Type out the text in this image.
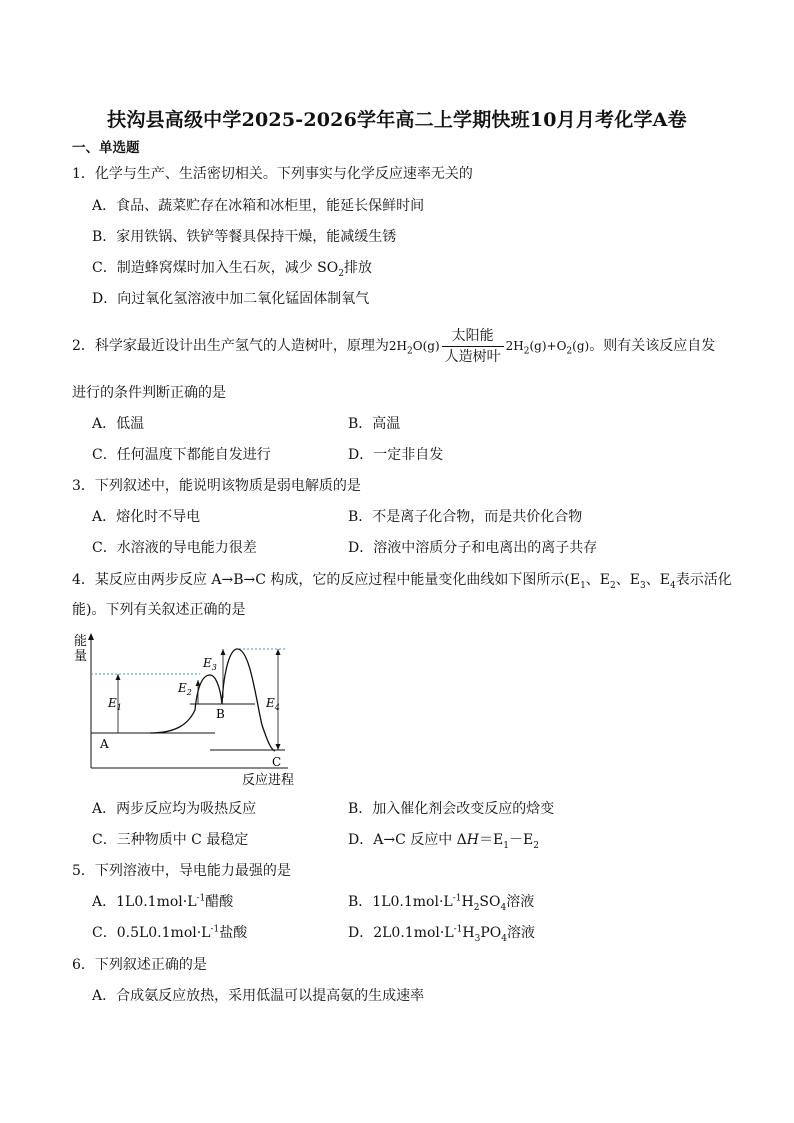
扶沟县高级中学2025-2026学年高二上学期快班10月月考化学A卷
一、单选题
1．化学与生产、生活密切相关。下列事实与化学反应速率无关的
A．食品、蔬菜贮存在冰箱和冰柜里，能延长保鲜时间
B．家用铁锅、铁铲等餐具保持干燥，能减缓生锈
C．制造蜂窝煤时加入生石灰，减少 $SO_2$排放
D．向过氧化氢溶液中加二氧化锰固体制氧气
2．科学家最近设计出生产氢气的人造树叶，原理为$2H_2O(g) \frac{\text{太阳能}}{\text{人造树叶}} 2H_2(g)+O_2(g)$。则有关该反应自发
进行的条件判断正确的是
A．低温	B．高温
C．任何温度下都能自发进行	D．一定非自发
3．下列叙述中，能说明该物质是弱电解质的是
A．熔化时不导电	B．不是离子化合物，而是共价化合物
C．水溶液的导电能力很差	D．溶液中溶质分子和电离出的离子共存
4．某反应由两步反应 A→B→C 构成，它的反应过程中能量变化曲线如下图所示($E_1$、$E_2$、$E_3$、$E_4$表示活化
能)。下列有关叙述正确的是
能
量
反应进程
$E_1$
$E_2$
$E_3$
$E_4$
A
B
C
A．两步反应均为吸热反应	B．加入催化剂会改变反应的焓变
C．三种物质中 C 最稳定	D．A→C 反应中 $\Delta H=E_1-E_2$
5．下列溶液中，导电能力最强的是
A．$1L0.1mol\cdot L^{-1}$醋酸	B．$1L0.1mol\cdot L^{-1}H_2SO_4$溶液
C．$0.5L0.1mol\cdot L^{-1}$盐酸	D．$2L0.1mol\cdot L^{-1}H_3PO_4$溶液
6．下列叙述正确的是
A．合成氨反应放热，采用低温可以提高氨的生成速率
